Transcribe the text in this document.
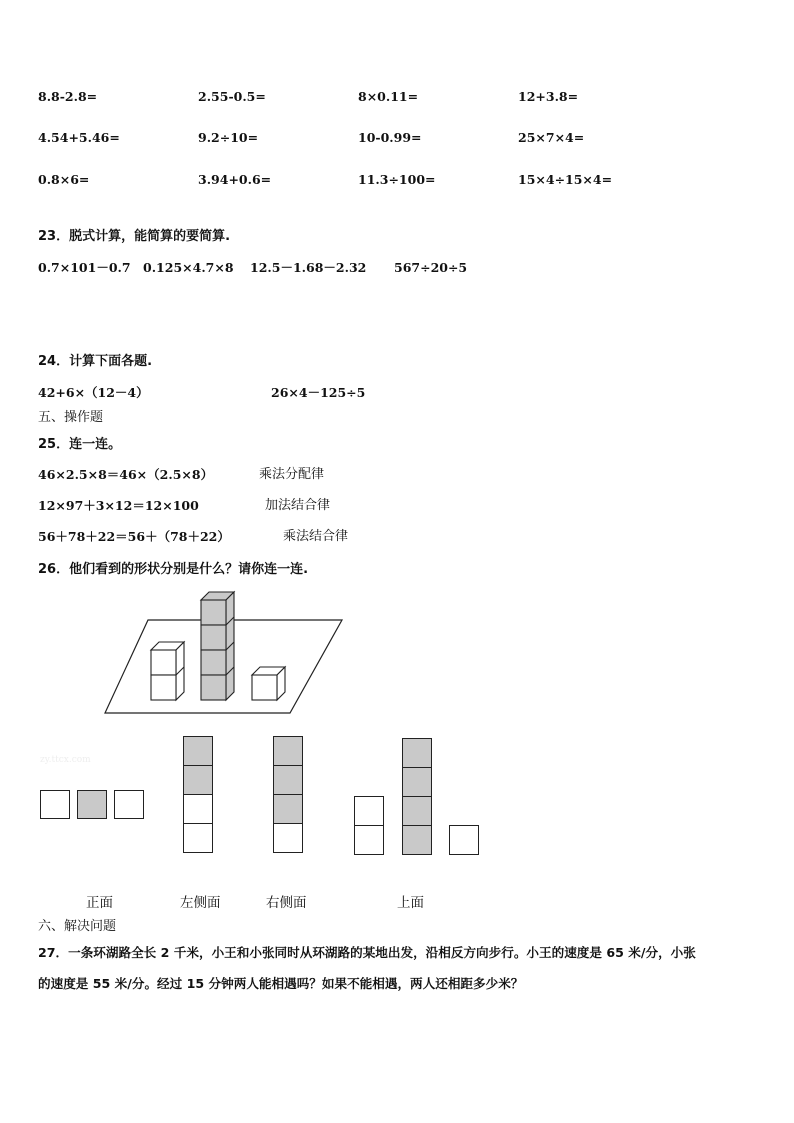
8.8-2.8=	2.55-0.5=	8×0.11=	12+3.8=
4.54+5.46=	9.2÷10=	10-0.99=	25×7×4=
0.8×6=	3.94+0.6=	11.3÷100=	15×4÷15×4=
23．脱式计算，能简算的要简算.
0.7×101－0.7 0.125×4.7×8 12.5－1.68－2.32 567÷20÷5
24．计算下面各题.
42+6×（12－4）	26×4－125÷5
五、操作题
25．连一连。
46×2.5×8＝46×（2.5×8）	乘法分配律
12×97＋3×12＝12×100	加法结合律
56＋78＋22＝56＋（78＋22）	乘法结合律
26．他们看到的形状分别是什么？请你连一连.
zy.ttcx.com
正面	左侧面	右侧面	上面
六、解决问题
27．一条环湖路全长 2 千米，小王和小张同时从环湖路的某地出发，沿相反方向步行。小王的速度是 65 米/分，小张
的速度是 55 米/分。经过 15 分钟两人能相遇吗？如果不能相遇，两人还相距多少米？
